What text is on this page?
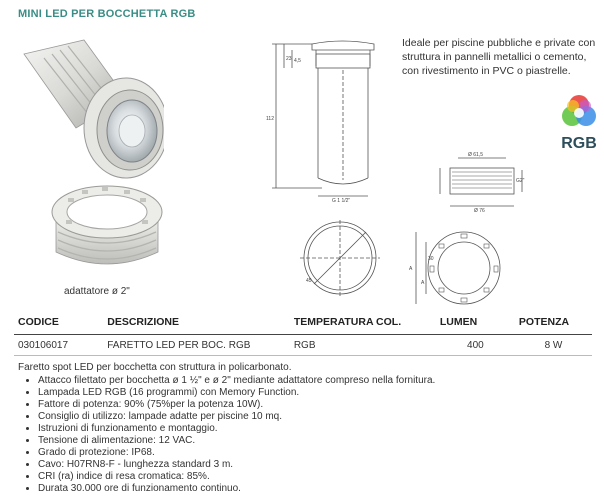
MINI LED PER BOCCHETTA RGB
adattatore ø 2"
23 4,5
112
G 1 1/2"
45
Ø 61,5
G2"
Ø 76
A
30
A
Ideale per piscine pubbliche e private con struttura in pannelli metallici o cemento, con rivestimento in PVC o piastrelle.
RGB
CODICE	DESCRIZIONE	TEMPERATURA COL.	LUMEN	POTENZA
030106017	FARETTO LED PER BOC. RGB	RGB	400	8 W

Faretto spot LED per bocchetta con struttura in policarbonato.

• Attacco filettato per bocchetta ø 1 ½" e ø 2" mediante adattatore compreso nella fornitura.
• Lampada LED RGB (16 programmi) con Memory Function.
• Fattore di potenza: 90% (75%per la potenza 10W).
• Consiglio di utilizzo: lampade adatte per piscine 10 mq.
• Istruzioni di funzionamento e montaggio.
• Tensione di alimentazione: 12 VAC.
• Grado di protezione: IP68.
• Cavo: H07RN8-F - lunghezza standard 3 m.
• CRI (ra) indice di resa cromatica: 85%.
• Durata 30.000 ore di funzionamento continuo.
